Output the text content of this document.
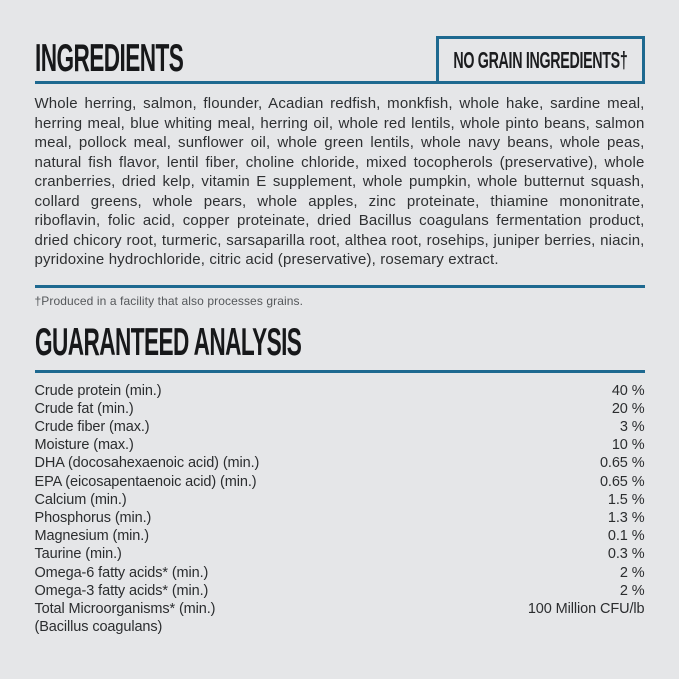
INGREDIENTS	NO GRAIN INGREDIENTS†

Whole herring, salmon, flounder, Acadian redfish, monkfish, whole hake, sardine meal, herring meal, blue whiting meal, herring oil, whole red lentils, whole pinto beans, salmon meal, pollock meal, sunflower oil, whole green lentils, whole navy beans, whole peas, natural fish flavor, lentil fiber, choline chloride, mixed tocopherols (preservative), whole cranberries, dried kelp, vitamin E supplement, whole pumpkin, whole butternut squash, collard greens, whole pears, whole apples, zinc proteinate, thiamine mononitrate, riboflavin, folic acid, copper proteinate, dried Bacillus coagulans fermentation product, dried chicory root, turmeric, sarsaparilla root, althea root, rosehips, juniper berries, niacin, pyridoxine hydrochloride, citric acid (preservative), rosemary extract.

†Produced in a facility that also processes grains.
GUARANTEED ANALYSIS
Crude protein (min.)	40 %
Crude fat (min.)	20 %
Crude fiber (max.)	3 %
Moisture (max.)	10 %
DHA (docosahexaenoic acid) (min.)	0.65 %
EPA (eicosapentaenoic acid) (min.)	0.65 %
Calcium (min.)	1.5 %
Phosphorus (min.)	1.3 %
Magnesium (min.)	0.1 %
Taurine (min.)	0.3 %
Omega-6 fatty acids* (min.)	2 %
Omega-3 fatty acids* (min.)	2 %
Total Microorganisms* (min.)	100 Million CFU/lb
(Bacillus coagulans)
